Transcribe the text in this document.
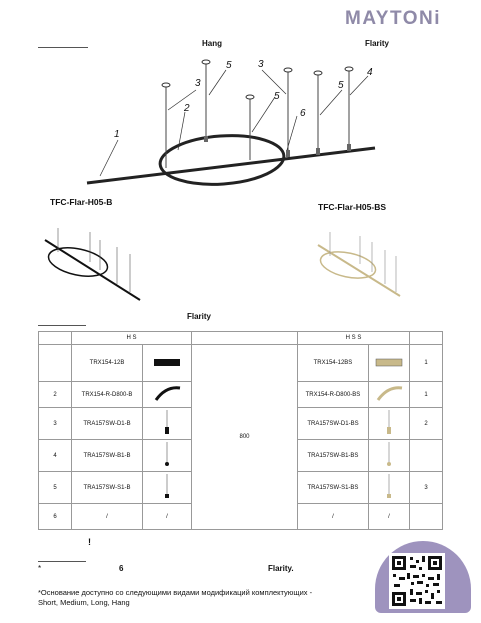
MAYTONi
Hang	Flarity
1
2
3
5	3
5
6
5
4
TFC-Flar-H05-B	TFC-Flar-H05-BS
Flarity
	H S			H S S		
	TRX154-12B		800	TRX154-12BS		1
2	TRX154-R-D800-B			TRX154-R-D800-BS		1
3	TRA157SW-D1-B			TRA157SW-D1-BS		2
4	TRA157SW-B1-B			TRA157SW-B1-BS		
5	TRA157SW-S1-B			TRA157SW-S1-BS		3
6	/	/		/	/	
!
*	6	Flarity.
*Основание доступно со следующими видами модификаций комплектующих -
Short, Medium, Long, Hang
